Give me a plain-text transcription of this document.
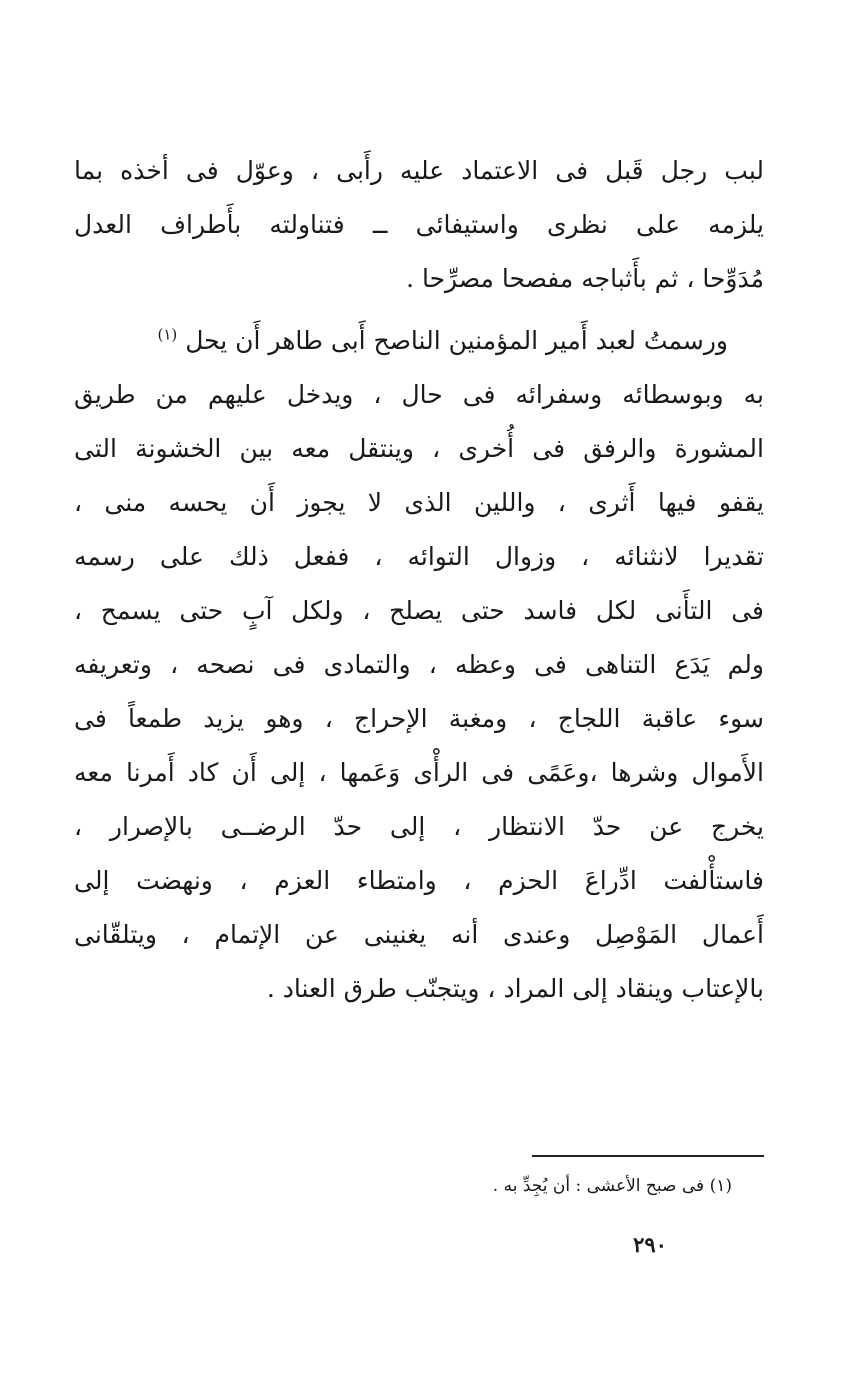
لبب رجل قَبل فى الاعتماد عليه رأَبى ، وعوّل فى أخذه بما
يلزمه على نظرى واستيفائى ــ فتناولته بأَطراف العدل
مُدَوِّحا ، ثم بأَثباجه مفصحا مصرِّحا .
ورسمتُ لعبد أَمير المؤمنين الناصح أَبى طاهر أَن يحل $^{(١)}$
به وبوسطائه وسفرائه فى حال ، ويدخل عليهم من طريق
المشورة والرفق فى أُخرى ، وينتقل معه بين الخشونة التى
يقفو فيها أَثرى ، واللين الذى لا يجوز أَن يحسه منى ،
تقديرا لانثنائه ، وزوال التوائه ، ففعل ذلك على رسمه
فى التأَنى لكل فاسد حتى يصلح ، ولكل آبٍ حتى يسمح ،
ولم يَدَع التناهى فى وعظه ، والتمادى فى نصحه ، وتعريفه
سوء عاقبة اللجاج ، ومغبة الإحراج ، وهو يزيد طمعاً فى
الأَموال وشرها ،وعَمًى فى الرأْى وَعَمها ، إلى أَن كاد أَمرنا معه
يخرج عن حدّ الانتظار ، إلى حدّ الرضــى بالإصرار ،
فاستأْلفت ادِّراعَ الحزم ، وامتطاء العزم ، ونهضت إلى
أَعمال المَوْصِل وعندى أنه يغنينى عن الإتمام ، ويتلقّانى
بالإعتاب وينقاد إلى المراد ، ويتجنّب طرق العناد .
(١) فى صبح الأعشى : أن يُجِدِّ به .
٢٩٠
